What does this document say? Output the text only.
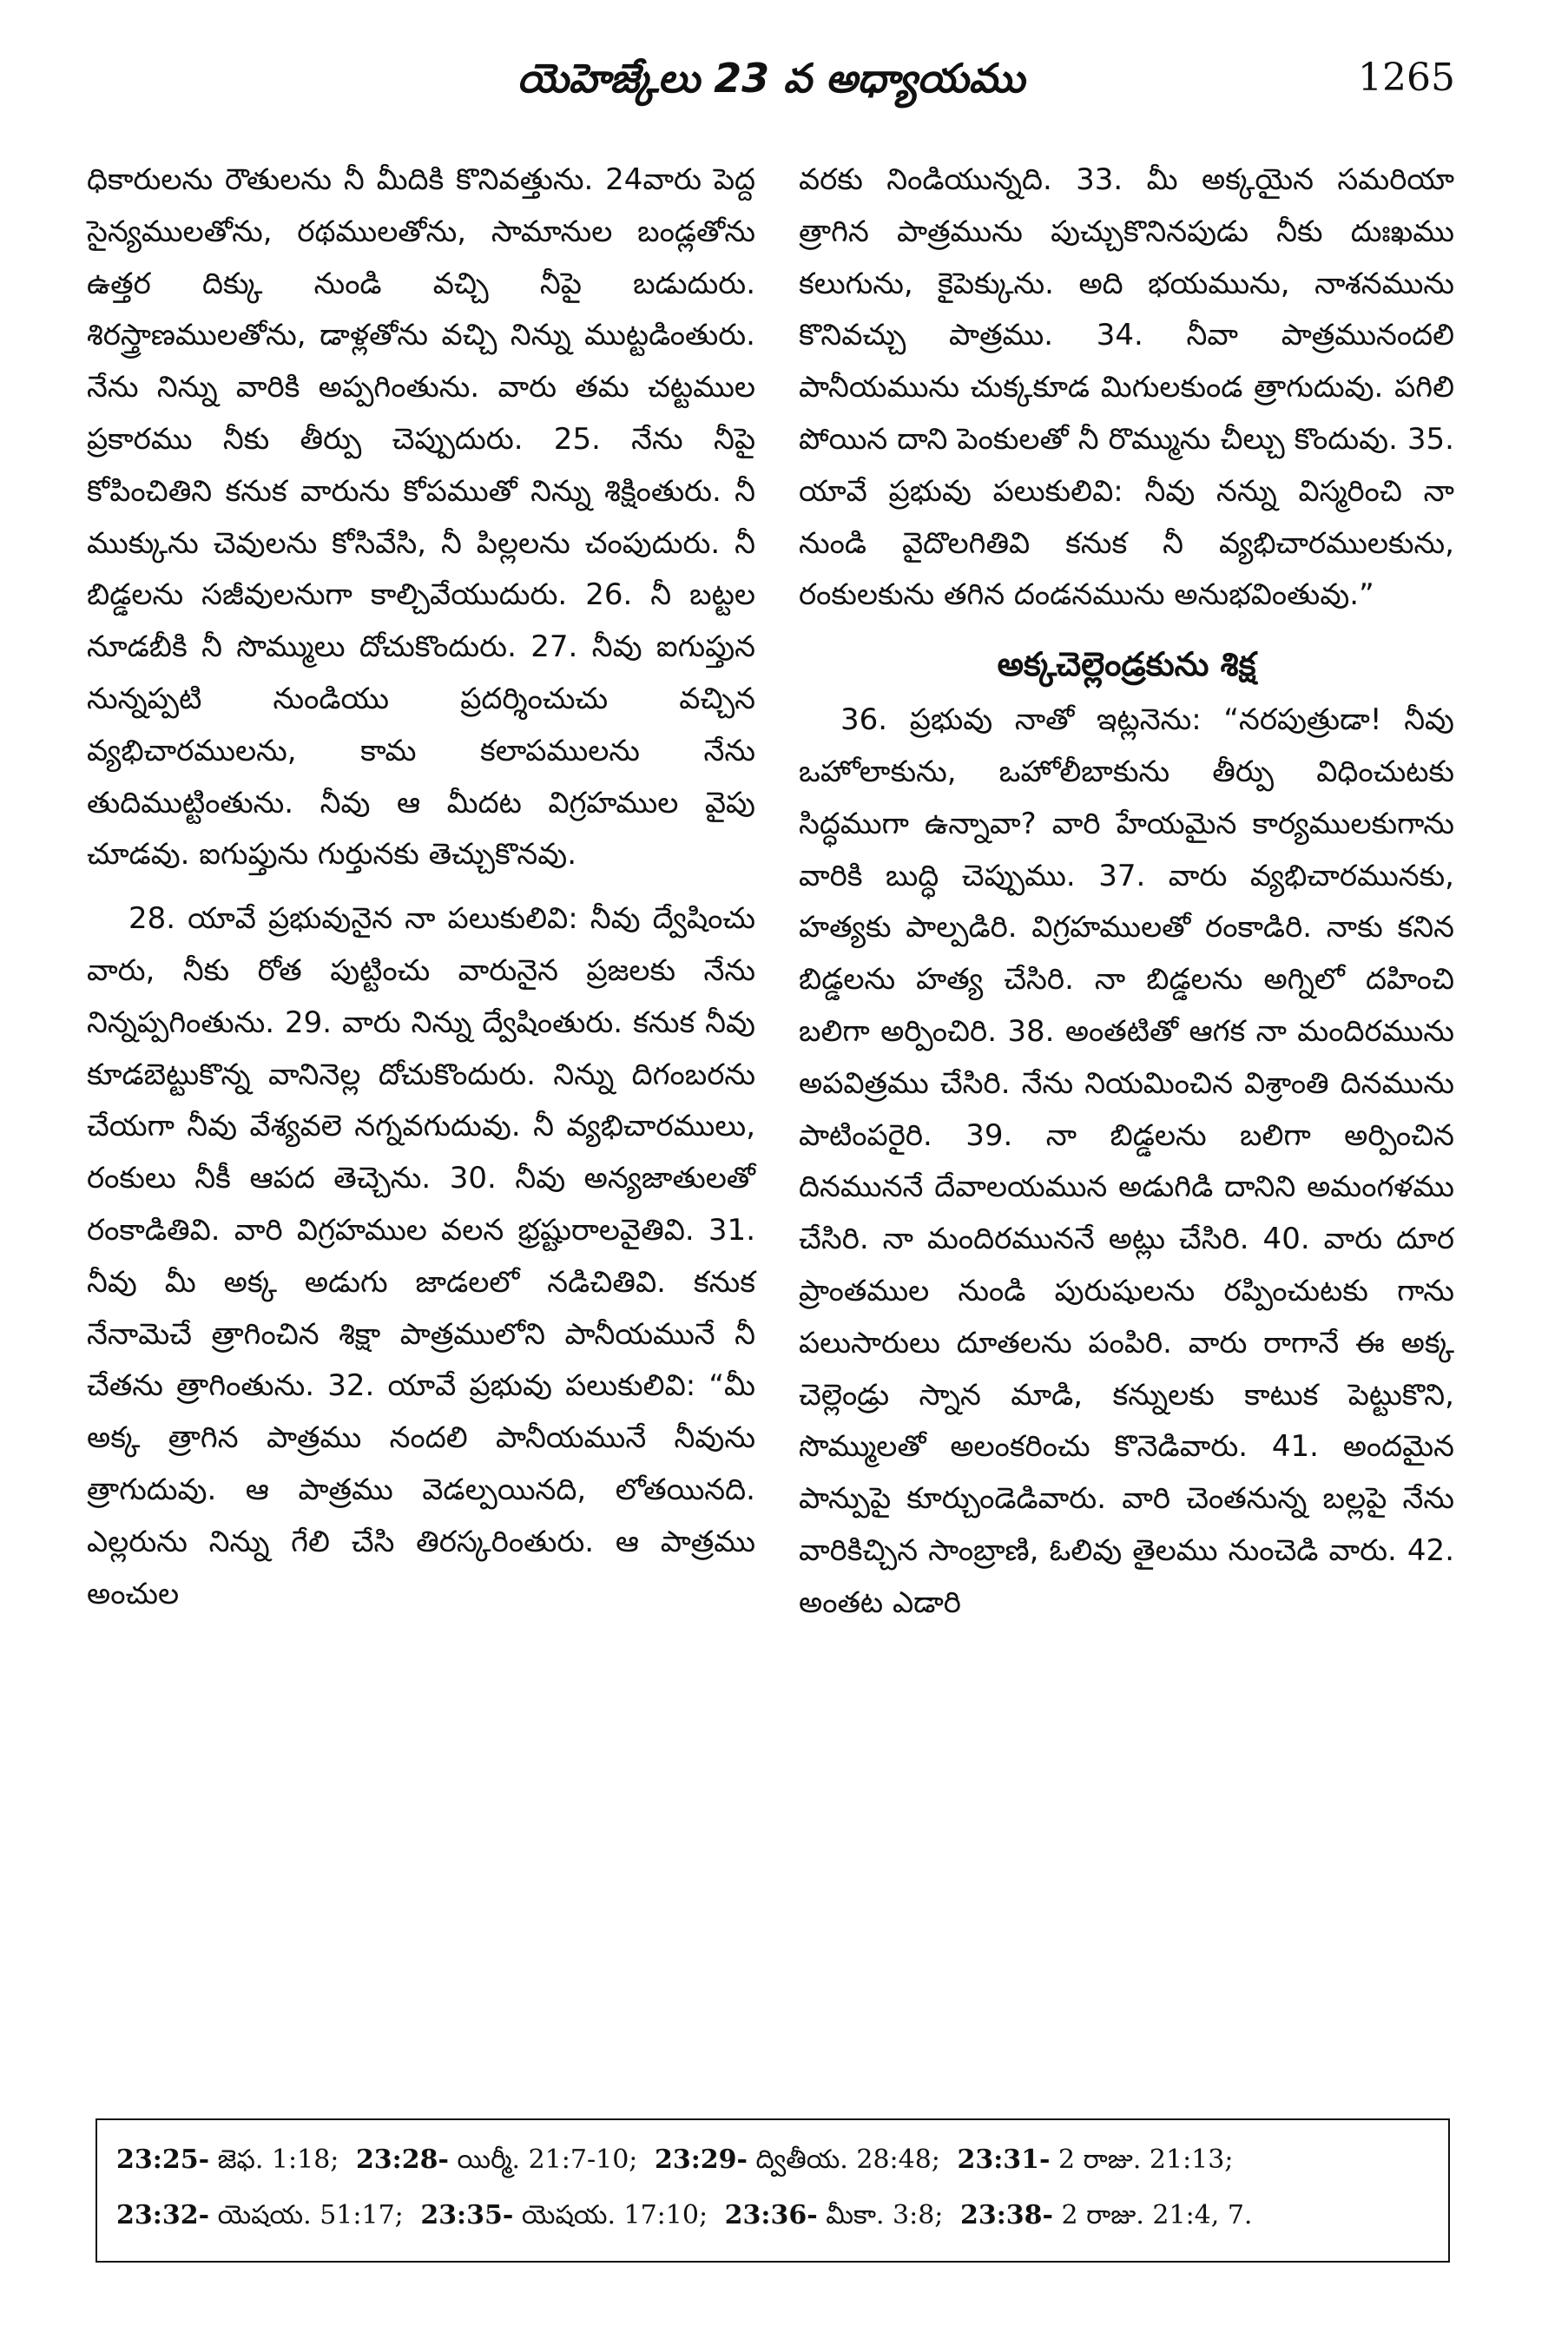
యెహెజ్కేలు 23 వ అధ్యాయము	1265

ధికారులను రౌతులను నీ మీదికి కొనివత్తును. 24వారు పెద్ద సైన్యములతోను, రథములతోను, సామానుల బండ్లతోను ఉత్తర దిక్కు నుండి వచ్చి నీపై బడుదురు. శిరస్త్రాణములతోను, డాళ్లతోను వచ్చి నిన్ను ముట్టడింతురు. నేను నిన్ను వారికి అప్పగింతును. వారు తమ చట్టముల ప్రకారము నీకు తీర్పు చెప్పుదురు. 25. నేను నీపై కోపించితిని కనుక వారును కోపముతో నిన్ను శిక్షింతురు. నీ ముక్కును చెవులను కోసివేసి, నీ పిల్లలను చంపుదురు. నీ బిడ్డలను సజీవులనుగా కాల్చివేయుదురు. 26. నీ బట్టల నూడబీకి నీ సొమ్ములు దోచుకొందురు. 27. నీవు ఐగుప్తున నున్నప్పటి నుండియు ప్రదర్శించుచు వచ్చిన వ్యభిచారములను, కామ కలాపములను నేను తుదిముట్టింతును. నీవు ఆ మీదట విగ్రహముల వైపు చూడవు. ఐగుప్తును గుర్తునకు తెచ్చుకొనవు.

28. యావే ప్రభువునైన నా పలుకులివి: నీవు ద్వేషించు వారు, నీకు రోత పుట్టించు వారునైన ప్రజలకు నేను నిన్నప్పగింతును. 29. వారు నిన్ను ద్వేషింతురు. కనుక నీవు కూడబెట్టుకొన్న వానినెల్ల దోచుకొందురు. నిన్ను దిగంబరను చేయగా నీవు వేశ్యవలె నగ్నవగుదువు. నీ వ్యభిచారములు, రంకులు నీకీ ఆపద తెచ్చెను. 30. నీవు అన్యజాతులతో రంకాడితివి. వారి విగ్రహముల వలన భ్రష్టురాలవైతివి. 31. నీవు మీ అక్క అడుగు జాడలలో నడిచితివి. కనుక నేనామెచే త్రాగించిన శిక్షా పాత్రములోని పానీయమునే నీ చేతను త్రాగింతును. 32. యావే ప్రభువు పలుకులివి: “మీ అక్క త్రాగిన పాత్రము నందలి పానీయమునే నీవును త్రాగుదువు. ఆ పాత్రము వెడల్పయినది, లోతయినది. ఎల్లరును నిన్ను గేలి చేసి తిరస్కరింతురు. ఆ పాత్రము అంచుల

వరకు నిండియున్నది. 33. మీ అక్కయైన సమరియా త్రాగిన పాత్రమును పుచ్చుకొనినపుడు నీకు దుఃఖము కలుగును, కైపెక్కును. అది భయమును, నాశనమును కొనివచ్చు పాత్రము. 34. నీవా పాత్రమునందలి పానీయమును చుక్కకూడ మిగులకుండ త్రాగుదువు. పగిలి పోయిన దాని పెంకులతో నీ రొమ్మును చీల్చు కొందువు. 35. యావే ప్రభువు పలుకులివి: నీవు నన్ను విస్మరించి నా నుండి వైదొలగితివి కనుక నీ వ్యభిచారములకును, రంకులకును తగిన దండనమును అనుభవింతువు.”

అక్కచెల్లెండ్రకును శిక్ష

36. ప్రభువు నాతో ఇట్లనెను: “నరపుత్రుడా! నీవు ఒహోలాకును, ఒహోలీబాకును తీర్పు విధించుటకు సిద్ధముగా ఉన్నావా? వారి హేయమైన కార్యములకుగాను వారికి బుద్ధి చెప్పుము. 37. వారు వ్యభిచారమునకు, హత్యకు పాల్పడిరి. విగ్రహములతో రంకాడిరి. నాకు కనిన బిడ్డలను హత్య చేసిరి. నా బిడ్డలను అగ్నిలో దహించి బలిగా అర్పించిరి. 38. అంతటితో ఆగక నా మందిరమును అపవిత్రము చేసిరి. నేను నియమించిన విశ్రాంతి దినమును పాటింపరైరి. 39. నా బిడ్డలను బలిగా అర్పించిన దినముననే దేవాలయమున అడుగిడి దానిని అమంగళము చేసిరి. నా మందిరముననే అట్లు చేసిరి. 40. వారు దూర ప్రాంతముల నుండి పురుషులను రప్పించుటకు గాను పలుసారులు దూతలను పంపిరి. వారు రాగానే ఈ అక్క చెల్లెండ్రు స్నాన మాడి, కన్నులకు కాటుక పెట్టుకొని, సొమ్ములతో అలంకరించు కొనెడివారు. 41. అందమైన పాన్పుపై కూర్చుండెడివారు. వారి చెంతనున్న బల్లపై నేను వారికిచ్చిన సాంబ్రాణి, ఓలివు తైలము నుంచెడి వారు. 42. అంతట ఎడారి

23:25- జెఫ. 1:18; 23:28- యిర్మీ. 21:7-10; 23:29- ద్వితీయ. 28:48; 23:31- 2 రాజు. 21:13;
23:32- యెషయ. 51:17; 23:35- యెషయ. 17:10; 23:36- మీకా. 3:8; 23:38- 2 రాజు. 21:4, 7.
